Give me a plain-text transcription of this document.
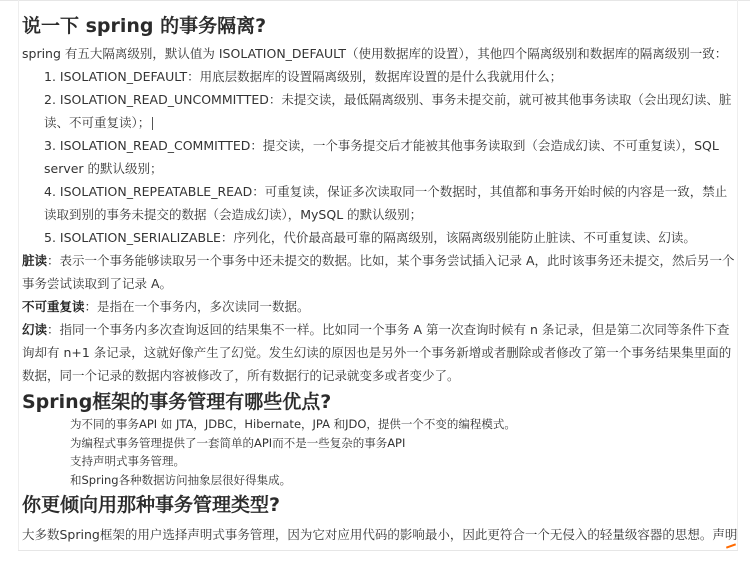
说一下 spring 的事务隔离?

spring 有五大隔离级别，默认值为 ISOLATION_DEFAULT（使用数据库的设置），其他四个隔离级别和数据库的隔离级别一致：

1. ISOLATION_DEFAULT：用底层数据库的设置隔离级别，数据库设置的是什么我就用什么；
2. ISOLATION_READ_UNCOMMITTED：未提交读，最低隔离级别、事务未提交前，就可被其他事务读取（会出现幻读、脏读、不可重复读）；
3. ISOLATION_READ_COMMITTED：提交读，一个事务提交后才能被其他事务读取到（会造成幻读、不可重复读），SQL server 的默认级别；
4. ISOLATION_REPEATABLE_READ：可重复读，保证多次读取同一个数据时，其值都和事务开始时候的内容是一致，禁止读取到别的事务未提交的数据（会造成幻读），MySQL 的默认级别；
5. ISOLATION_SERIALIZABLE：序列化，代价最高最可靠的隔离级别，该隔离级别能防止脏读、不可重复读、幻读。

脏读：表示一个事务能够读取另一个事务中还未提交的数据。比如，某个事务尝试插入记录 A，此时该事务还未提交，然后另一个事务尝试读取到了记录 A。

不可重复读：是指在一个事务内，多次读同一数据。

幻读：指同一个事务内多次查询返回的结果集不一样。比如同一个事务 A 第一次查询时候有 n 条记录，但是第二次同等条件下查询却有 n+1 条记录，这就好像产生了幻觉。发生幻读的原因也是另外一个事务新增或者删除或者修改了第一个事务结果集里面的数据，同一个记录的数据内容被修改了，所有数据行的记录就变多或者变少了。

Spring框架的事务管理有哪些优点?
为不同的事务API 如 JTA，JDBC，Hibernate，JPA 和JDO，提供一个不变的编程模式。
为编程式事务管理提供了一套简单的API而不是一些复杂的事务API
支持声明式事务管理。
和Spring各种数据访问抽象层很好得集成。
你更倾向用那种事务管理类型?

大多数Spring框架的用户选择声明式事务管理，因为它对应用代码的影响最小，因此更符合一个无侵入的轻量级容器的思想。声明
